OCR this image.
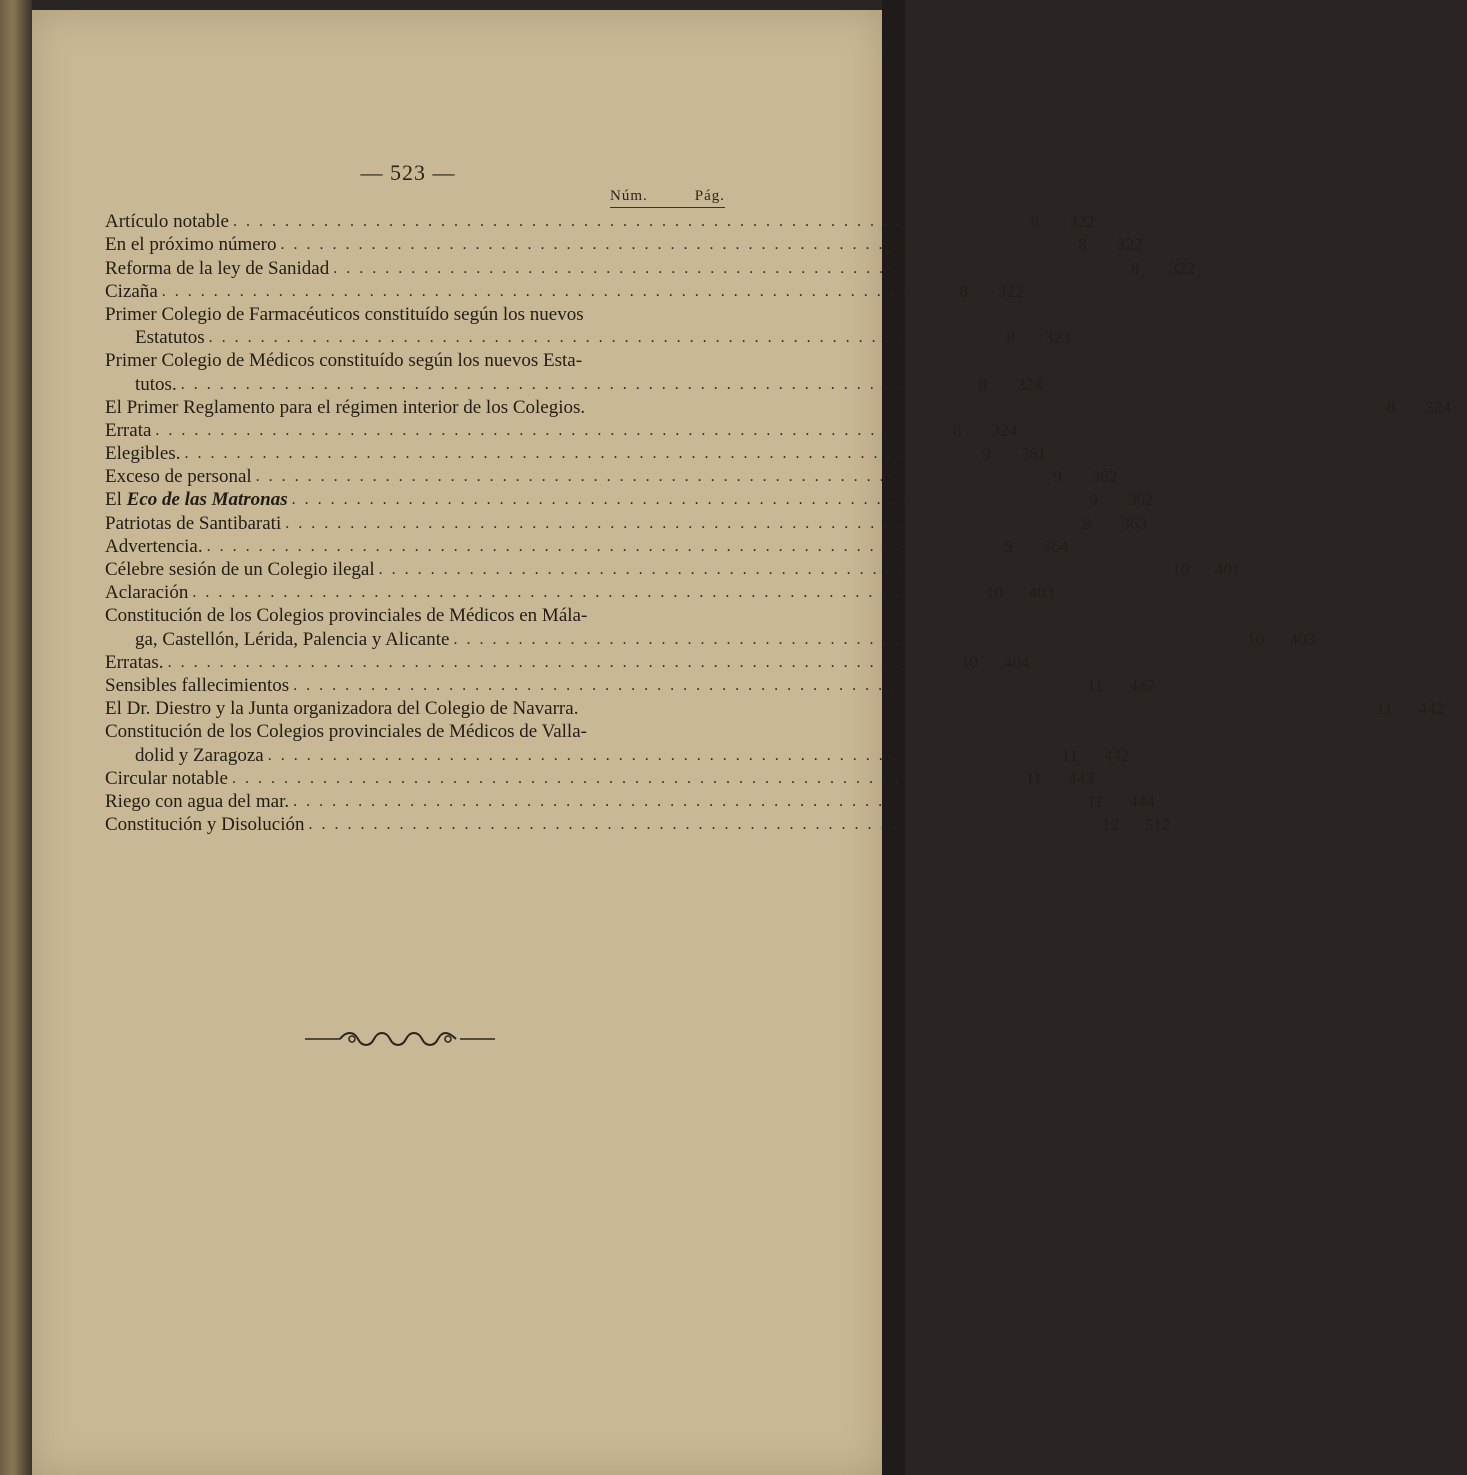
— 523 —
Núm.	Pág.
Artículo notable ............................................................	8	322
En el próximo número ............................................................	8	322
Reforma de la ley de Sanidad ............................................................	8	322
Cizaña ............................................................	8	322
Primer Colegio de Farmacéuticos constituído según los nuevos
Estatutos ............................................................	8	323
Primer Colegio de Médicos constituído según los nuevos Esta-
tutos. ............................................................	8	324
El Primer Reglamento para el régimen interior de los Colegios.	8	324
Errata ............................................................	8	324
Elegibles. ............................................................	9	361
Exceso de personal ............................................................	9	362
El Eco de las Matronas ............................................................	9	362
Patriotas de Santibarati ............................................................	9	363
Advertencia. ............................................................	9	364
Célebre sesión de un Colegio ilegal ............................................................ 10	401
Aclaración ............................................................ 10	403
Constitución de los Colegios provinciales de Médicos en Mála-
ga, Castellón, Lérida, Palencia y Alicante ............................................................ 10	403
Erratas. ............................................................ 10	404
Sensibles fallecimientos ............................................................ 11	442
El Dr. Diestro y la Junta organizadora del Colegio de Navarra.	11	442
Constitución de los Colegios provinciales de Médicos de Valla-
dolid y Zaragoza ............................................................ 11	442
Circular notable ............................................................ 11	443
Riego con agua del mar. ............................................................ 11	444
Constitución y Disolución ............................................................ 12	512
